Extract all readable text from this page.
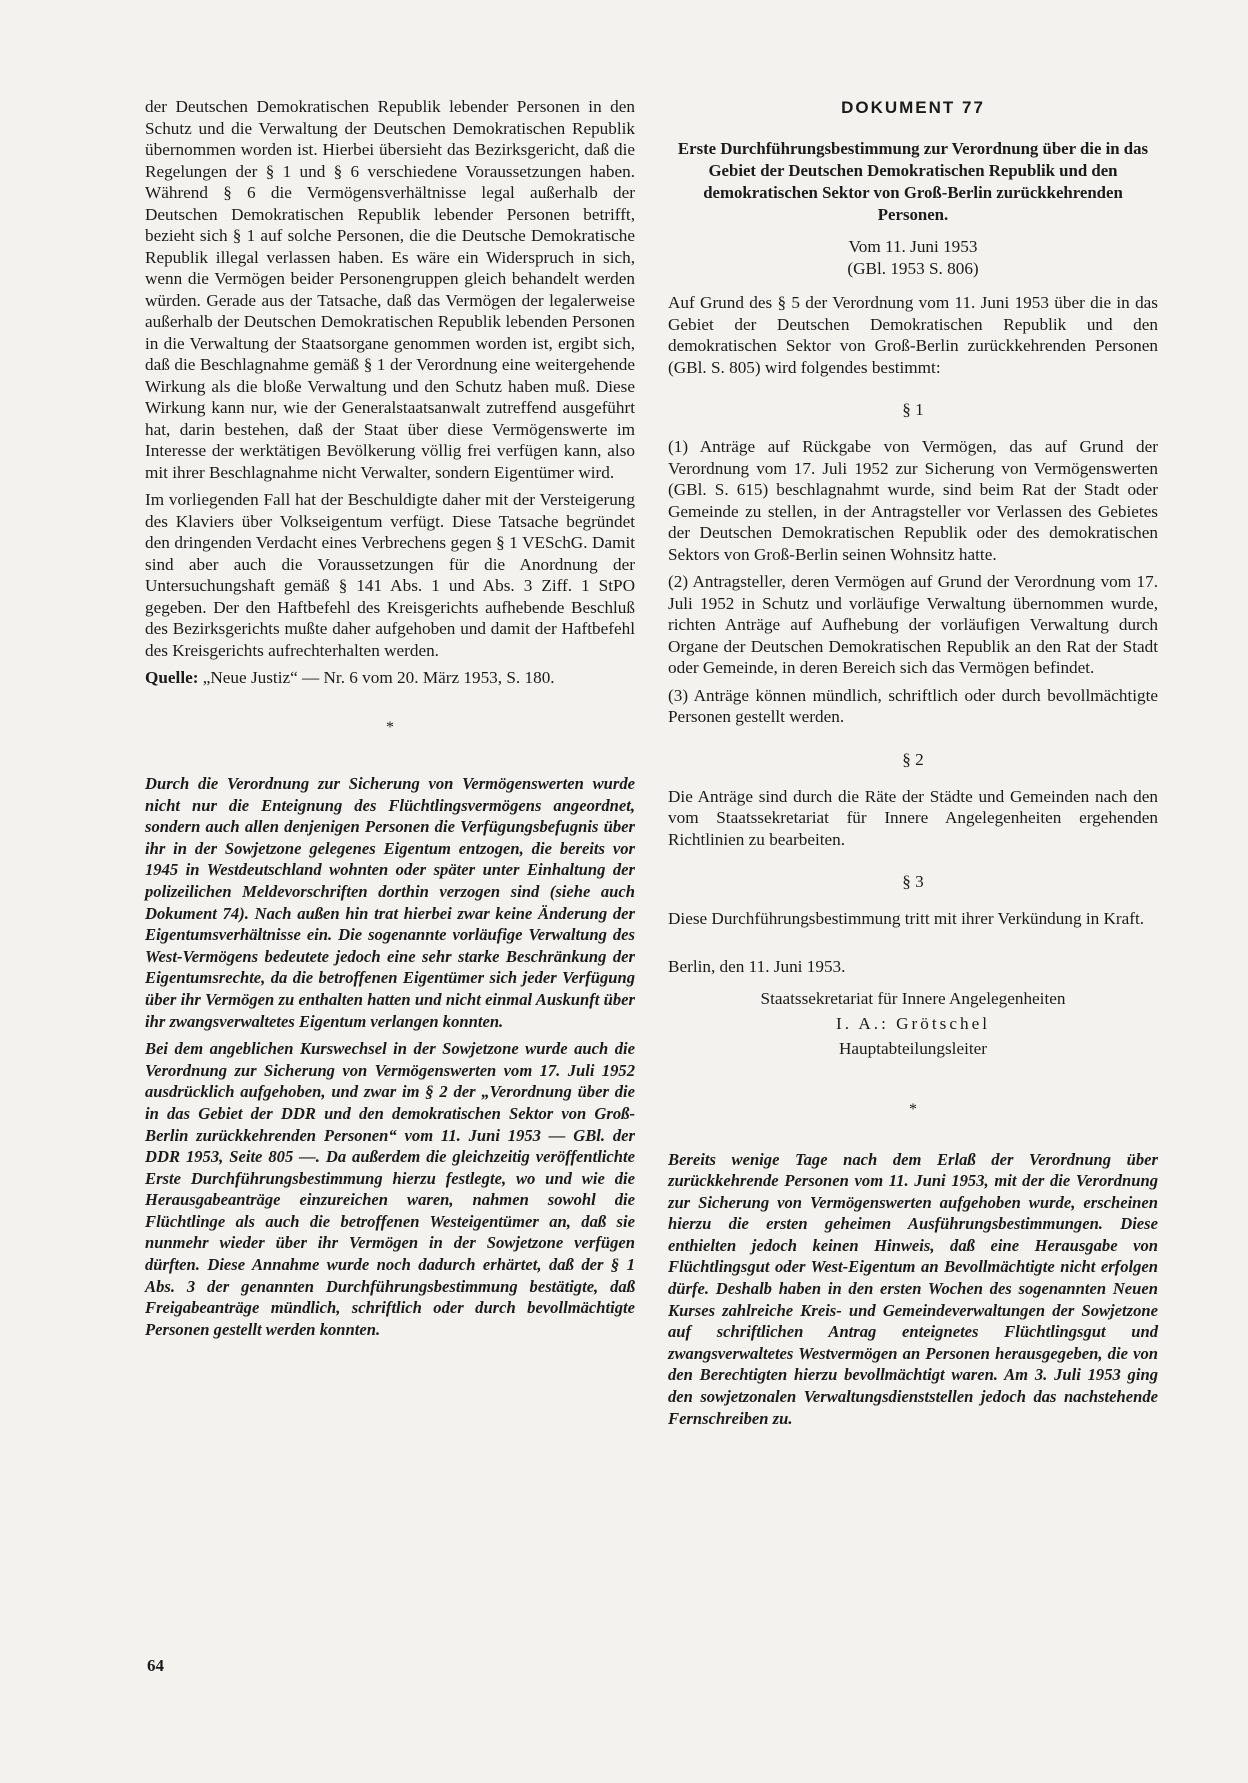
der Deutschen Demokratischen Republik lebender Personen in den Schutz und die Verwaltung der Deutschen Demokratischen Republik übernommen worden ist. Hierbei übersieht das Bezirksgericht, daß die Regelungen der § 1 und § 6 verschiedene Voraussetzungen haben. Während § 6 die Vermögensverhältnisse legal außerhalb der Deutschen Demokratischen Republik lebender Personen betrifft, bezieht sich § 1 auf solche Personen, die die Deutsche Demokratische Republik illegal verlassen haben. Es wäre ein Widerspruch in sich, wenn die Vermögen beider Personengruppen gleich behandelt werden würden. Gerade aus der Tatsache, daß das Vermögen der legalerweise außerhalb der Deutschen Demokratischen Republik lebenden Personen in die Verwaltung der Staatsorgane genommen worden ist, ergibt sich, daß die Beschlagnahme gemäß § 1 der Verordnung eine weitergehende Wirkung als die bloße Verwaltung und den Schutz haben muß. Diese Wirkung kann nur, wie der Generalstaatsanwalt zutreffend ausgeführt hat, darin bestehen, daß der Staat über diese Vermögenswerte im Interesse der werktätigen Bevölkerung völlig frei verfügen kann, also mit ihrer Beschlagnahme nicht Verwalter, sondern Eigentümer wird.

Im vorliegenden Fall hat der Beschuldigte daher mit der Versteigerung des Klaviers über Volkseigentum verfügt. Diese Tatsache begründet den dringenden Verdacht eines Verbrechens gegen § 1 VESchG. Damit sind aber auch die Voraussetzungen für die Anordnung der Untersuchungshaft gemäß § 141 Abs. 1 und Abs. 3 Ziff. 1 StPO gegeben. Der den Haftbefehl des Kreisgerichts aufhebende Beschluß des Bezirksgerichts mußte daher aufgehoben und damit der Haftbefehl des Kreisgerichts aufrechterhalten werden.

Quelle: „Neue Justiz“ — Nr. 6 vom 20. März 1953, S. 180.

*

Durch die Verordnung zur Sicherung von Vermögenswerten wurde nicht nur die Enteignung des Flüchtlingsvermögens angeordnet, sondern auch allen denjenigen Personen die Verfügungsbefugnis über ihr in der Sowjetzone gelegenes Eigentum entzogen, die bereits vor 1945 in Westdeutschland wohnten oder später unter Einhaltung der polizeilichen Meldevorschriften dorthin verzogen sind (siehe auch Dokument 74). Nach außen hin trat hierbei zwar keine Änderung der Eigentumsverhältnisse ein. Die sogenannte vorläufige Verwaltung des West-Vermögens bedeutete jedoch eine sehr starke Beschränkung der Eigentumsrechte, da die betroffenen Eigentümer sich jeder Verfügung über ihr Vermögen zu enthalten hatten und nicht einmal Auskunft über ihr zwangsverwaltetes Eigentum verlangen konnten.

Bei dem angeblichen Kurswechsel in der Sowjetzone wurde auch die Verordnung zur Sicherung von Vermögenswerten vom 17. Juli 1952 ausdrücklich aufgehoben, und zwar im § 2 der „Verordnung über die in das Gebiet der DDR und den demokratischen Sektor von Groß-Berlin zurückkehrenden Personen“ vom 11. Juni 1953 — GBl. der DDR 1953, Seite 805 —. Da außerdem die gleichzeitig veröffentlichte Erste Durchführungsbestimmung hierzu festlegte, wo und wie die Herausgabeanträge einzureichen waren, nahmen sowohl die Flüchtlinge als auch die betroffenen Westeigentümer an, daß sie nunmehr wieder über ihr Vermögen in der Sowjetzone verfügen dürften. Diese Annahme wurde noch dadurch erhärtet, daß der § 1 Abs. 3 der genannten Durchführungsbestimmung bestätigte, daß Freigabeanträge mündlich, schriftlich oder durch bevollmächtigte Personen gestellt werden konnten.

DOKUMENT 77

Erste Durchführungsbestimmung zur Verordnung über die in das Gebiet der Deutschen Demokratischen Republik und den demokratischen Sektor von Groß-Berlin zurückkehrenden Personen.

Vom 11. Juni 1953

(GBl. 1953 S. 806)

Auf Grund des § 5 der Verordnung vom 11. Juni 1953 über die in das Gebiet der Deutschen Demokratischen Republik und den demokratischen Sektor von Groß-Berlin zurückkehrenden Personen (GBl. S. 805) wird folgendes bestimmt:

§ 1

(1) Anträge auf Rückgabe von Vermögen, das auf Grund der Verordnung vom 17. Juli 1952 zur Sicherung von Vermögenswerten (GBl. S. 615) beschlagnahmt wurde, sind beim Rat der Stadt oder Gemeinde zu stellen, in der Antragsteller vor Verlassen des Gebietes der Deutschen Demokratischen Republik oder des demokratischen Sektors von Groß-Berlin seinen Wohnsitz hatte.

(2) Antragsteller, deren Vermögen auf Grund der Verordnung vom 17. Juli 1952 in Schutz und vorläufige Verwaltung übernommen wurde, richten Anträge auf Aufhebung der vorläufigen Verwaltung durch Organe der Deutschen Demokratischen Republik an den Rat der Stadt oder Gemeinde, in deren Bereich sich das Vermögen befindet.

(3) Anträge können mündlich, schriftlich oder durch bevollmächtigte Personen gestellt werden.

§ 2

Die Anträge sind durch die Räte der Städte und Gemeinden nach den vom Staatssekretariat für Innere Angelegenheiten ergehenden Richtlinien zu bearbeiten.

§ 3

Diese Durchführungsbestimmung tritt mit ihrer Verkündung in Kraft.

Berlin, den 11. Juni 1953.

Staatssekretariat für Innere Angelegenheiten
I. A.: Grötschel
Hauptabteilungsleiter
*

Bereits wenige Tage nach dem Erlaß der Verordnung über zurückkehrende Personen vom 11. Juni 1953, mit der die Verordnung zur Sicherung von Vermögenswerten aufgehoben wurde, erscheinen hierzu die ersten geheimen Ausführungsbestimmungen. Diese enthielten jedoch keinen Hinweis, daß eine Herausgabe von Flüchtlingsgut oder West-Eigentum an Bevollmächtigte nicht erfolgen dürfe. Deshalb haben in den ersten Wochen des sogenannten Neuen Kurses zahlreiche Kreis- und Gemeindeverwaltungen der Sowjetzone auf schriftlichen Antrag enteignetes Flüchtlingsgut und zwangsverwaltetes Westvermögen an Personen herausgegeben, die von den Berechtigten hierzu bevollmächtigt waren. Am 3. Juli 1953 ging den sowjetzonalen Verwaltungsdienststellen jedoch das nachstehende Fernschreiben zu.

64
